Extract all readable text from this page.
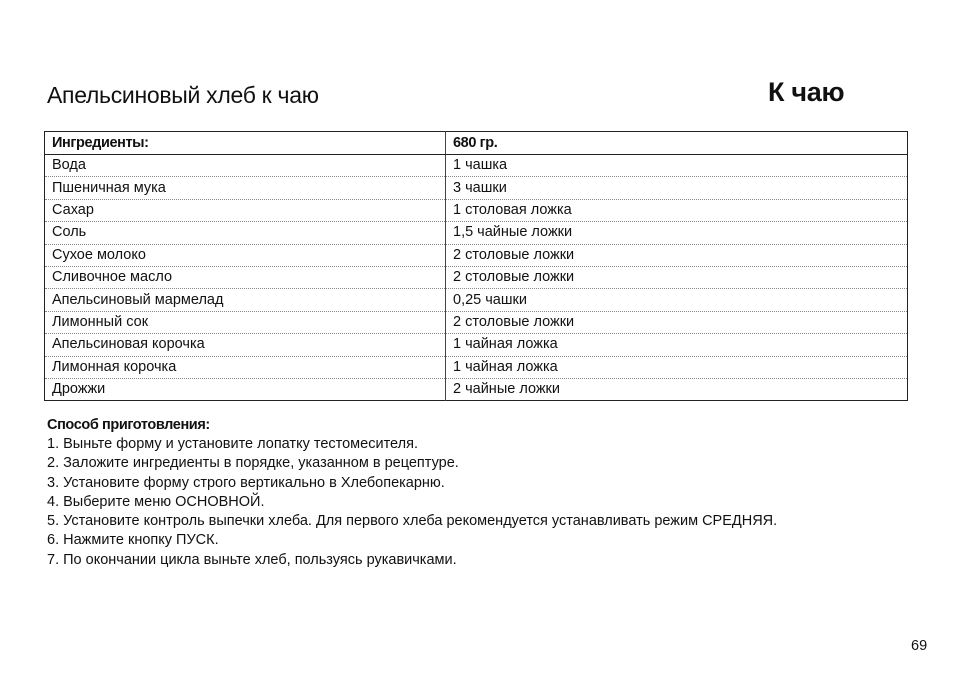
Апельсиновый хлеб к чаю	К чаю
Ингредиенты:	680 гр.
Вода	1 чашка
Пшеничная мука	3 чашки
Сахар	1 столовая ложка
Соль	1,5 чайные ложки
Сухое молоко	2 столовые ложки
Сливочное масло	2 столовые ложки
Апельсиновый мармелад	0,25 чашки
Лимонный сок	2 столовые ложки
Апельсиновая корочка	1 чайная ложка
Лимонная корочка	1 чайная ложка
Дрожжи	2 чайные ложки

Способ приготовления:

1. Выньте форму и установите лопатку тестомесителя.
2. Заложите ингредиенты в порядке, указанном в рецептуре.
3. Установите форму строго вертикально в Хлебопекарню.
4. Выберите меню ОСНОВНОЙ.
5. Установите контроль выпечки хлеба. Для первого хлеба рекомендуется устанавливать режим СРЕДНЯЯ.
6. Нажмите кнопку ПУСК.
7. По окончании цикла выньте хлеб, пользуясь рукавичками.
69
